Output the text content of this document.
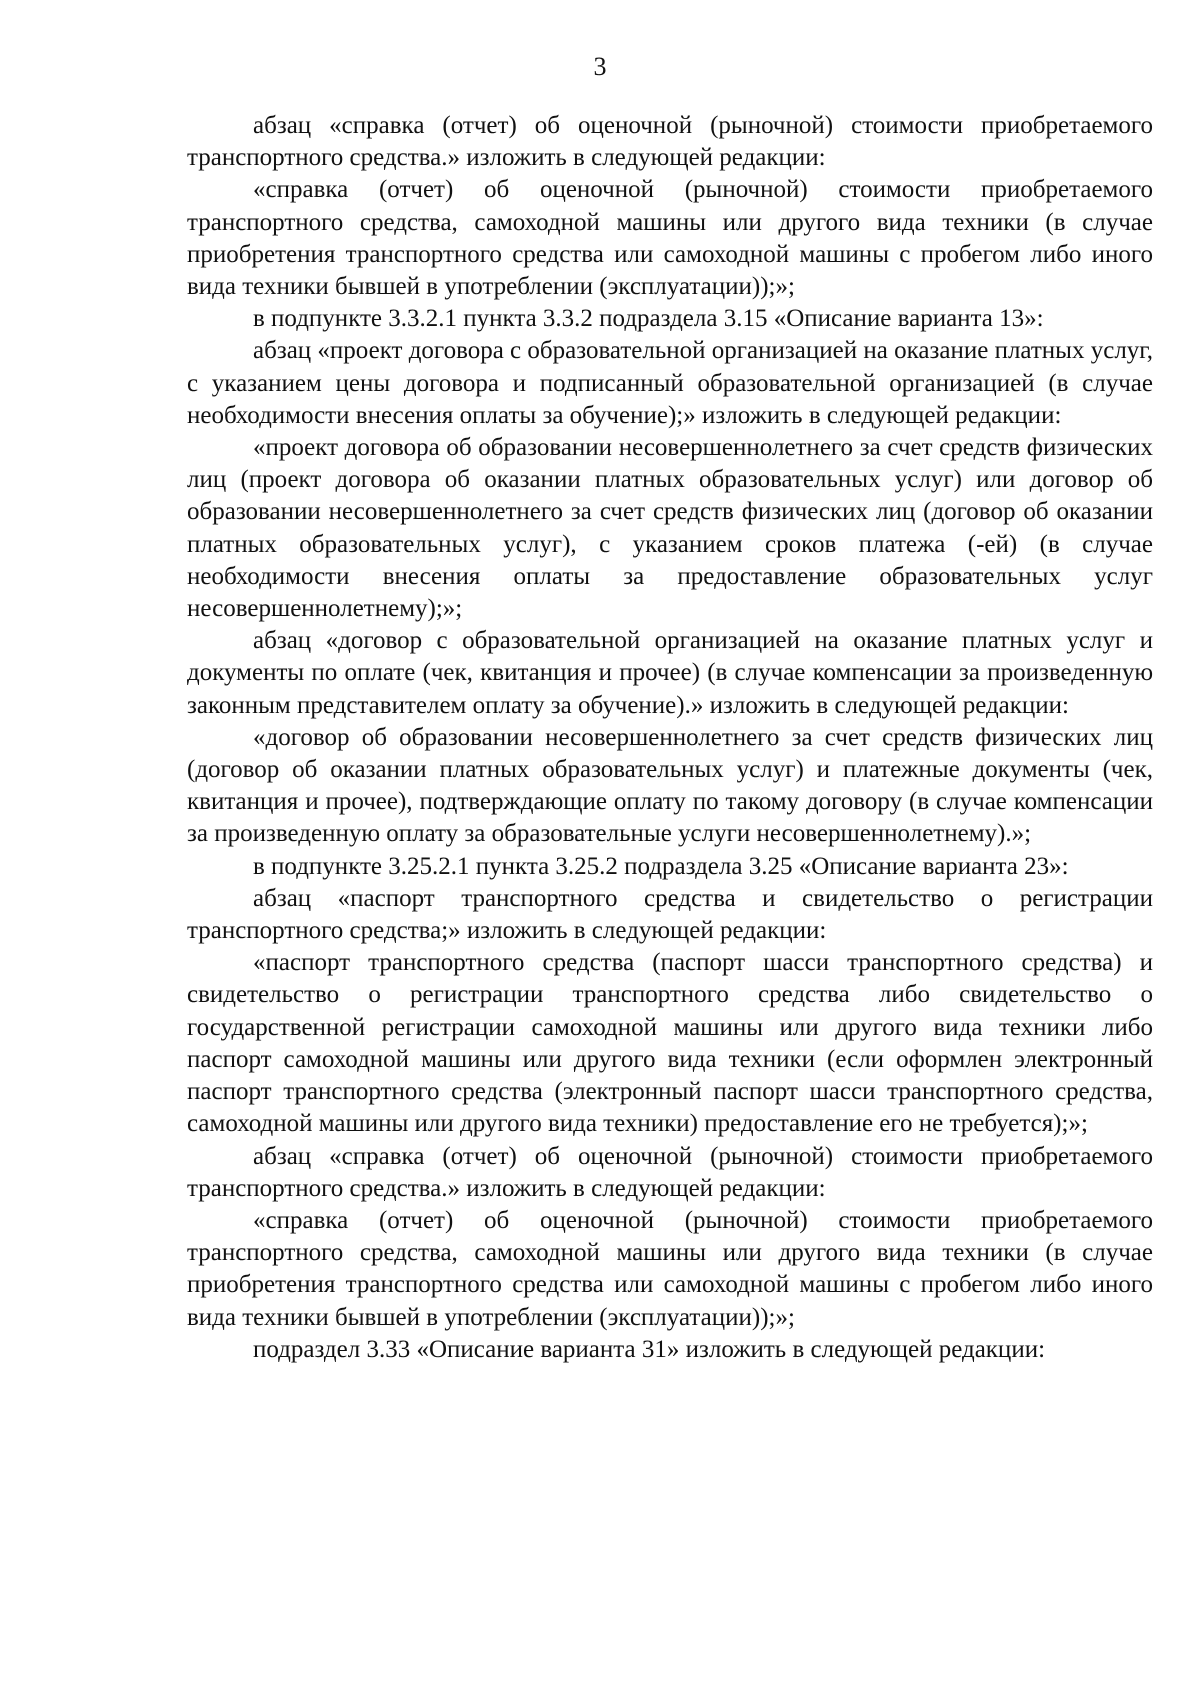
3

абзац «справка (отчет) об оценочной (рыночной) стоимости приобретаемого транспортного средства.» изложить в следующей редакции:

«справка (отчет) об оценочной (рыночной) стоимости приобретаемого транспортного средства, самоходной машины или другого вида техники (в случае приобретения транспортного средства или самоходной машины с пробегом либо иного вида техники бывшей в употреблении (эксплуатации));»;

в подпункте 3.3.2.1 пункта 3.3.2 подраздела 3.15 «Описание варианта 13»:

абзац «проект договора с образовательной организацией на оказание платных услуг, с указанием цены договора и подписанный образовательной организацией (в случае необходимости внесения оплаты за обучение);» изложить в следующей редакции:

«проект договора об образовании несовершеннолетнего за счет средств физических лиц (проект договора об оказании платных образовательных услуг) или договор об образовании несовершеннолетнего за счет средств физических лиц (договор об оказании платных образовательных услуг), с указанием сроков платежа (-ей) (в случае необходимости внесения оплаты за предоставление образовательных услуг несовершеннолетнему);»;

абзац «договор с образовательной организацией на оказание платных услуг и документы по оплате (чек, квитанция и прочее) (в случае компенсации за произведенную законным представителем оплату за обучение).» изложить в следующей редакции:

«договор об образовании несовершеннолетнего за счет средств физических лиц (договор об оказании платных образовательных услуг) и платежные документы (чек, квитанция и прочее), подтверждающие оплату по такому договору (в случае компенсации за произведенную оплату за образовательные услуги несовершеннолетнему).»;

в подпункте 3.25.2.1 пункта 3.25.2 подраздела 3.25 «Описание варианта 23»:

абзац «паспорт транспортного средства и свидетельство о регистрации транспортного средства;» изложить в следующей редакции:

«паспорт транспортного средства (паспорт шасси транспортного средства) и свидетельство о регистрации транспортного средства либо свидетельство о государственной регистрации самоходной машины или другого вида техники либо паспорт самоходной машины или другого вида техники (если оформлен электронный паспорт транспортного средства (электронный паспорт шасси транспортного средства, самоходной машины или другого вида техники) предоставление его не требуется);»;

абзац «справка (отчет) об оценочной (рыночной) стоимости приобретаемого транспортного средства.» изложить в следующей редакции:

«справка (отчет) об оценочной (рыночной) стоимости приобретаемого транспортного средства, самоходной машины или другого вида техники (в случае приобретения транспортного средства или самоходной машины с пробегом либо иного вида техники бывшей в употреблении (эксплуатации));»;

подраздел 3.33 «Описание варианта 31» изложить в следующей редакции:
